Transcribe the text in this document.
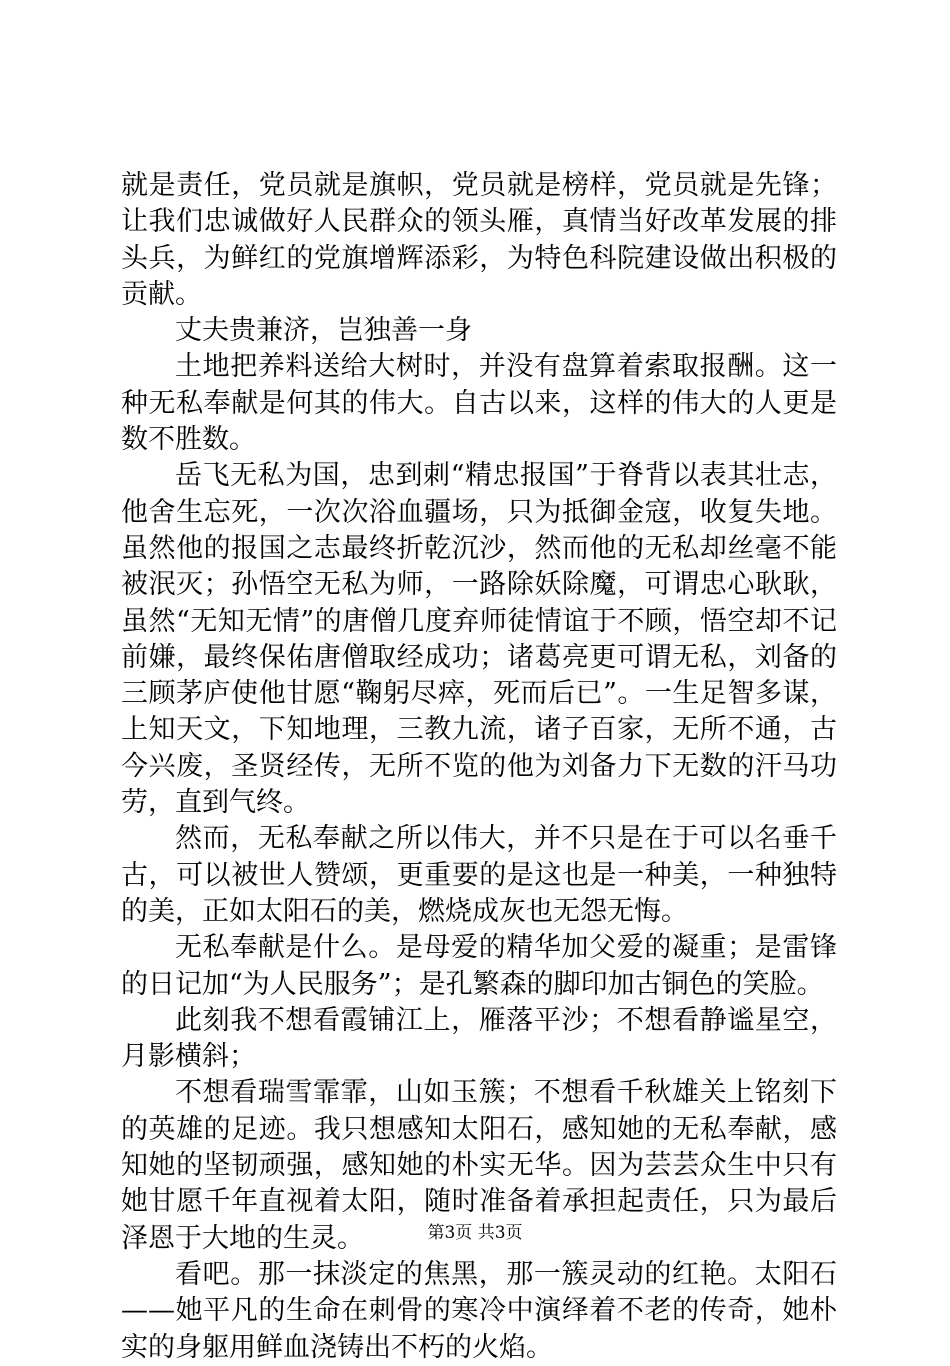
就是责任，党员就是旗帜，党员就是榜样，党员就是先锋；让我们忠诚做好人民群众的领头雁，真情当好改革发展的排头兵，为鲜红的党旗增辉添彩，为特色科院建设做出积极的贡献。

丈夫贵兼济，岂独善一身

土地把养料送给大树时，并没有盘算着索取报酬。这一种无私奉献是何其的伟大。自古以来，这样的伟大的人更是数不胜数。

岳飞无私为国，忠到刺“精忠报国”于脊背以表其壮志，他舍生忘死，一次次浴血疆场，只为抵御金寇，收复失地。虽然他的报国之志最终折乾沉沙，然而他的无私却丝毫不能被泯灭；孙悟空无私为师，一路除妖除魔，可谓忠心耿耿，虽然“无知无情”的唐僧几度弃师徒情谊于不顾，悟空却不记前嫌，最终保佑唐僧取经成功；诸葛亮更可谓无私，刘备的三顾茅庐使他甘愿“鞠躬尽瘁，死而后已”。一生足智多谋，上知天文，下知地理，三教九流，诸子百家，无所不通，古今兴废，圣贤经传，无所不览的他为刘备力下无数的汗马功劳，直到气终。

然而，无私奉献之所以伟大，并不只是在于可以名垂千古，可以被世人赞颂，更重要的是这也是一种美，一种独特的美，正如太阳石的美，燃烧成灰也无怨无悔。

无私奉献是什么。是母爱的精华加父爱的凝重；是雷锋的日记加“为人民服务”；是孔繁森的脚印加古铜色的笑脸。

此刻我不想看霞铺江上，雁落平沙；不想看静谧星空，月影横斜；

不想看瑞雪霏霏，山如玉簇；不想看千秋雄关上铭刻下的英雄的足迹。我只想感知太阳石，感知她的无私奉献，感知她的坚韧顽强，感知她的朴实无华。因为芸芸众生中只有她甘愿千年直视着太阳，随时准备着承担起责任，只为最后泽恩于大地的生灵。

看吧。那一抹淡定的焦黑，那一簇灵动的红艳。太阳石——她平凡的生命在刺骨的寒冷中演绎着不老的传奇，她朴实的身躯用鲜血浇铸出不朽的火焰。

第3页 共3页
